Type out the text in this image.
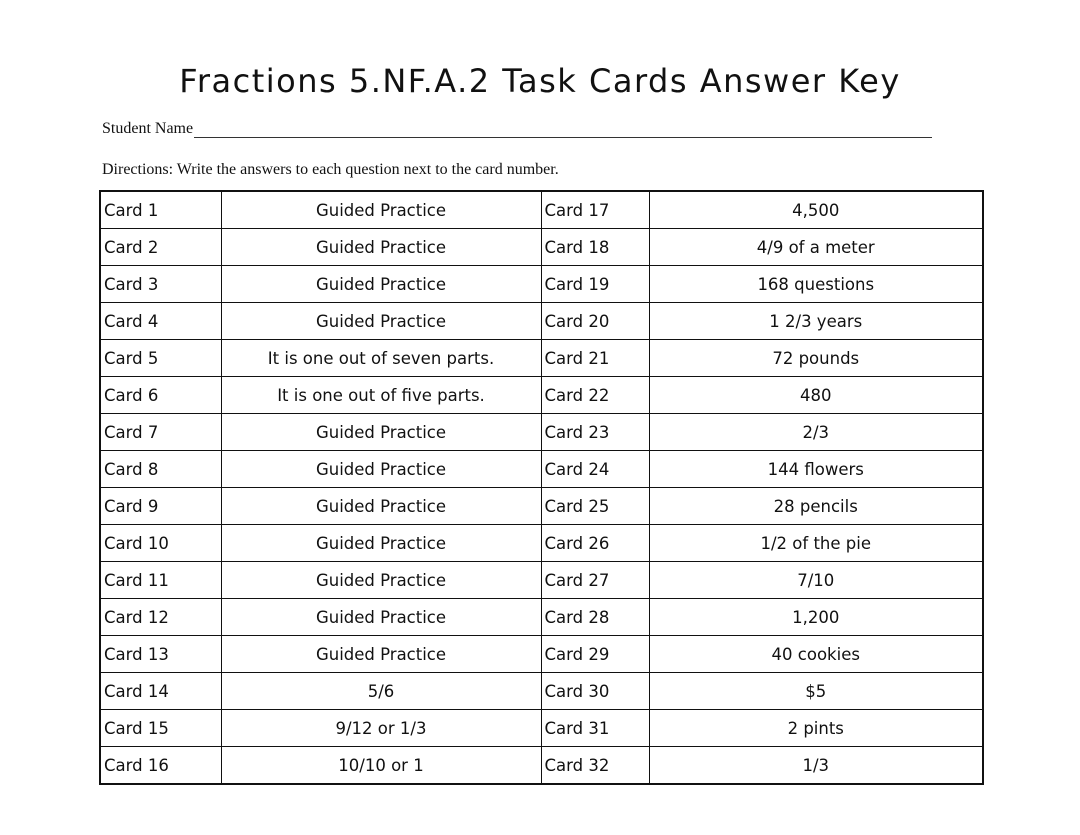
Fractions 5.NF.A.2 Task Cards Answer Key
Student Name
Directions: Write the answers to each question next to the card number.
Card 1	Guided Practice	Card 17	4,500
Card 2	Guided Practice	Card 18	4/9 of a meter
Card 3	Guided Practice	Card 19	168 questions
Card 4	Guided Practice	Card 20	1 2/3 years
Card 5	It is one out of seven parts.	Card 21	72 pounds
Card 6	It is one out of five parts.	Card 22	480
Card 7	Guided Practice	Card 23	2/3
Card 8	Guided Practice	Card 24	144 flowers
Card 9	Guided Practice	Card 25	28 pencils
Card 10	Guided Practice	Card 26	1/2 of the pie
Card 11	Guided Practice	Card 27	7/10
Card 12	Guided Practice	Card 28	1,200
Card 13	Guided Practice	Card 29	40 cookies
Card 14	5/6	Card 30	$5
Card 15	9/12 or 1/3	Card 31	2 pints
Card 16	10/10 or 1	Card 32	1/3
